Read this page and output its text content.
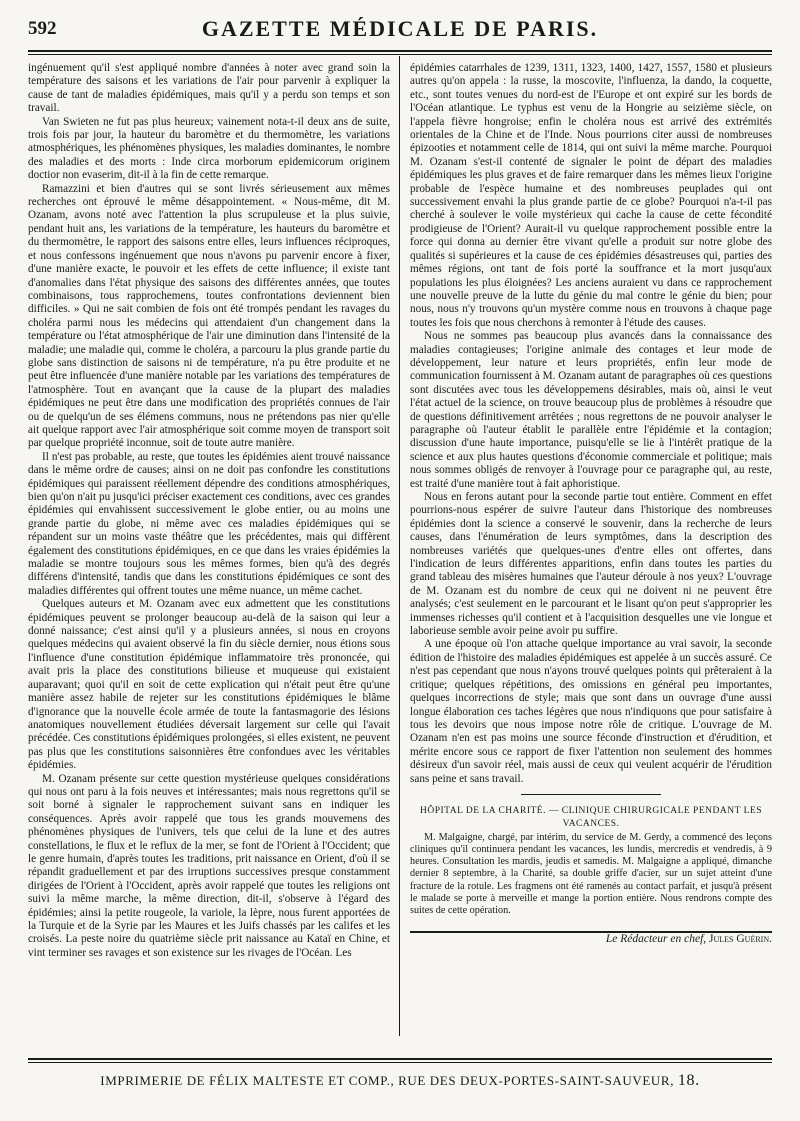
592	GAZETTE MÉDICALE DE PARIS.

ingénuement qu'il s'est appliqué nombre d'années à noter avec grand soin la température des saisons et les variations de l'air pour parvenir à expliquer la cause de tant de maladies épidémiques, mais qu'il y a perdu son temps et son travail.

Van Swieten ne fut pas plus heureux; vainement nota-t-il deux ans de suite, trois fois par jour, la hauteur du baromètre et du thermomètre, les variations atmosphériques, les phénomènes physiques, les maladies dominantes, le nombre des maladies et des morts : Inde circa morborum epidemicorum originem doctior non evaserim, dit-il à la fin de cette remarque.

Ramazzini et bien d'autres qui se sont livrés sérieusement aux mêmes recherches ont éprouvé le même désappointement. « Nous-même, dit M. Ozanam, avons noté avec l'attention la plus scrupuleuse et la plus suivie, pendant huit ans, les variations de la température, les hauteurs du baromètre et du thermomètre, le rapport des saisons entre elles, leurs influences réciproques, et nous confessons ingénuement que nous n'avons pu parvenir encore à fixer, d'une manière exacte, le pouvoir et les effets de cette influence; il existe tant d'anomalies dans l'état physique des saisons des différentes années, que toutes combinaisons, tous rapprochemens, toutes confrontations deviennent bien difficiles. » Qui ne sait combien de fois ont été trompés pendant les ravages du choléra parmi nous les médecins qui attendaient d'un changement dans la température ou l'état atmosphérique de l'air une diminution dans l'intensité de la maladie; une maladie qui, comme le choléra, a parcouru la plus grande partie du globe sans distinction de saisons ni de température, n'a pu être produite et ne peut être influencée d'une manière notable par les variations des températures de l'atmosphère. Tout en avançant que la cause de la plupart des maladies épidémiques ne peut être dans une modification des propriétés connues de l'air ou de quelqu'un de ses élémens communs, nous ne prétendons pas nier qu'elle ait quelque rapport avec l'air atmosphérique soit comme moyen de transport soit par quelque propriété inconnue, soit de toute autre manière.

Il n'est pas probable, au reste, que toutes les épidémies aient trouvé naissance dans le même ordre de causes; ainsi on ne doit pas confondre les constitutions épidémiques qui paraissent réellement dépendre des conditions atmosphériques, bien qu'on n'ait pu jusqu'ici préciser exactement ces conditions, avec ces grandes épidémies qui envahissent successivement le globe entier, ou au moins une grande partie du globe, ni même avec ces maladies épidémiques qui se répandent sur un moins vaste théâtre que les précédentes, mais qui diffèrent également des constitutions épidémiques, en ce que dans les vraies épidémies la maladie se montre toujours sous les mêmes formes, bien qu'à des degrés différens d'intensité, tandis que dans les constitutions épidémiques ce sont des maladies différentes qui offrent toutes une même nuance, un même cachet.

Quelques auteurs et M. Ozanam avec eux admettent que les constitutions épidémiques peuvent se prolonger beaucoup au-delà de la saison qui leur a donné naissance; c'est ainsi qu'il y a plusieurs années, si nous en croyons quelques médecins qui avaient observé la fin du siècle dernier, nous étions sous l'influence d'une constitution épidémique inflammatoire très prononcée, qui avait pris la place des constitutions bilieuse et muqueuse qui existaient auparavant; quoi qu'il en soit de cette explication qui n'était peut être qu'une manière assez habile de rejeter sur les constitutions épidémiques le blâme d'ignorance que la nouvelle école armée de toute la fantasmagorie des lésions anatomiques nouvellement étudiées déversait largement sur celle qui l'avait précédée. Ces constitutions épidémiques prolongées, si elles existent, ne peuvent pas plus que les constitutions saisonnières être confondues avec les véritables épidémies.

M. Ozanam présente sur cette question mystérieuse quelques considérations qui nous ont paru à la fois neuves et intéressantes; mais nous regrettons qu'il se soit borné à signaler le rapprochement suivant sans en indiquer les conséquences. Après avoir rappelé que tous les grands mouvemens des phénomènes physiques de l'univers, tels que celui de la lune et des autres constellations, le flux et le reflux de la mer, se font de l'Orient à l'Occident; que le genre humain, d'après toutes les traditions, prit naissance en Orient, d'où il se répandit graduellement et par des irruptions successives presque constamment dirigées de l'Orient à l'Occident, après avoir rappelé que toutes les religions ont suivi la même marche, la même direction, dit-il, s'observe à l'égard des épidémies; ainsi la petite rougeole, la variole, la lèpre, nous furent apportées de la Turquie et de la Syrie par les Maures et les Juifs chassés par les califes et les croisés. La peste noire du quatrième siècle prit naissance au Kataï en Chine, et vint terminer ses ravages et son existence sur les rivages de l'Océan. Les

épidémies catarrhales de 1239, 1311, 1323, 1400, 1427, 1557, 1580 et plusieurs autres qu'on appela : la russe, la moscovite, l'influenza, la dando, la coquette, etc., sont toutes venues du nord-est de l'Europe et ont expiré sur les bords de l'Océan atlantique. Le typhus est venu de la Hongrie au seizième siècle, on l'appela fièvre hongroise; enfin le choléra nous est arrivé des extrémités orientales de la Chine et de l'Inde. Nous pourrions citer aussi de nombreuses épizooties et notamment celle de 1814, qui ont suivi la même marche. Pourquoi M. Ozanam s'est-il contenté de signaler le point de départ des maladies épidémiques les plus graves et de faire remarquer dans les mêmes lieux l'origine probable de l'espèce humaine et des nombreuses peuplades qui ont successivement envahi la plus grande partie de ce globe? Pourquoi n'a-t-il pas cherché à soulever le voile mystérieux qui cache la cause de cette fécondité prodigieuse de l'Orient? Aurait-il vu quelque rapprochement possible entre la force qui donna au dernier être vivant qu'elle a produit sur notre globe des qualités si supérieures et la cause de ces épidémies désastreuses qui, parties des mêmes régions, ont tant de fois porté la souffrance et la mort jusqu'aux populations les plus éloignées? Les anciens auraient vu dans ce rapprochement une nouvelle preuve de la lutte du génie du mal contre le génie du bien; pour nous, nous n'y trouvons qu'un mystère comme nous en trouvons à chaque page toutes les fois que nous cherchons à remonter à l'étude des causes.

Nous ne sommes pas beaucoup plus avancés dans la connaissance des maladies contagieuses; l'origine animale des contages et leur mode de développement, leur nature et leurs propriétés, enfin leur mode de communication fournissent à M. Ozanam autant de paragraphes où ces questions sont discutées avec tous les développemens désirables, mais où, ainsi le veut l'état actuel de la science, on trouve beaucoup plus de problèmes à résoudre que de questions définitivement arrêtées ; nous regrettons de ne pouvoir analyser le paragraphe où l'auteur établit le parallèle entre l'épidémie et la contagion; discussion d'une haute importance, puisqu'elle se lie à l'intérêt pratique de la science et aux plus hautes questions d'économie commerciale et politique; mais nous sommes obligés de renvoyer à l'ouvrage pour ce paragraphe qui, au reste, est traité d'une manière tout à fait aphoristique.

Nous en ferons autant pour la seconde partie tout entière. Comment en effet pourrions-nous espérer de suivre l'auteur dans l'historique des nombreuses épidémies dont la science a conservé le souvenir, dans la recherche de leurs causes, dans l'énumération de leurs symptômes, dans la description des nombreuses variétés que quelques-unes d'entre elles ont offertes, dans l'indication de leurs différentes apparitions, enfin dans toutes les parties du grand tableau des misères humaines que l'auteur déroule à nos yeux? L'ouvrage de M. Ozanam est du nombre de ceux qui ne doivent ni ne peuvent être analysés; c'est seulement en le parcourant et le lisant qu'on peut s'approprier les immenses richesses qu'il contient et à l'acquisition desquelles une vie longue et laborieuse semble avoir peine avoir pu suffire.

A une époque où l'on attache quelque importance au vrai savoir, la seconde édition de l'histoire des maladies épidémiques est appelée à un succès assuré. Ce n'est pas cependant que nous n'ayons trouvé quelques points qui prêteraient à la critique; quelques répétitions, des omissions en général peu importantes, quelques incorrections de style; mais que sont dans un ouvrage d'une aussi longue élaboration ces taches légères que nous n'indiquons que pour satisfaire à tous les devoirs que nous impose notre rôle de critique. L'ouvrage de M. Ozanam n'en est pas moins une source féconde d'instruction et d'érudition, et mérite encore sous ce rapport de fixer l'attention non seulement des hommes désireux d'un savoir réel, mais aussi de ceux qui veulent acquérir de l'érudition sans peine et sans travail.

HÔPITAL DE LA CHARITÉ. — CLINIQUE CHIRURGICALE PENDANT LES VACANCES.

M. Malgaigne, chargé, par intérim, du service de M. Gerdy, a commencé des leçons cliniques qu'il continuera pendant les vacances, les lundis, mercredis et vendredis, à 9 heures. Consultation les mardis, jeudis et samedis. M. Malgaigne a appliqué, dimanche dernier 8 septembre, à la Charité, sa double griffe d'acier, sur un sujet atteint d'une fracture de la rotule. Les fragmens ont été ramenés au contact parfait, et jusqu'à présent le malade se porte à merveille et mange la portion entière. Nous rendrons compte des suites de cette opération.

Le Rédacteur en chef, Jules Guérin.

IMPRIMERIE DE FÉLIX MALTESTE ET COMP., RUE DES DEUX-PORTES-SAINT-SAUVEUR, 18.
